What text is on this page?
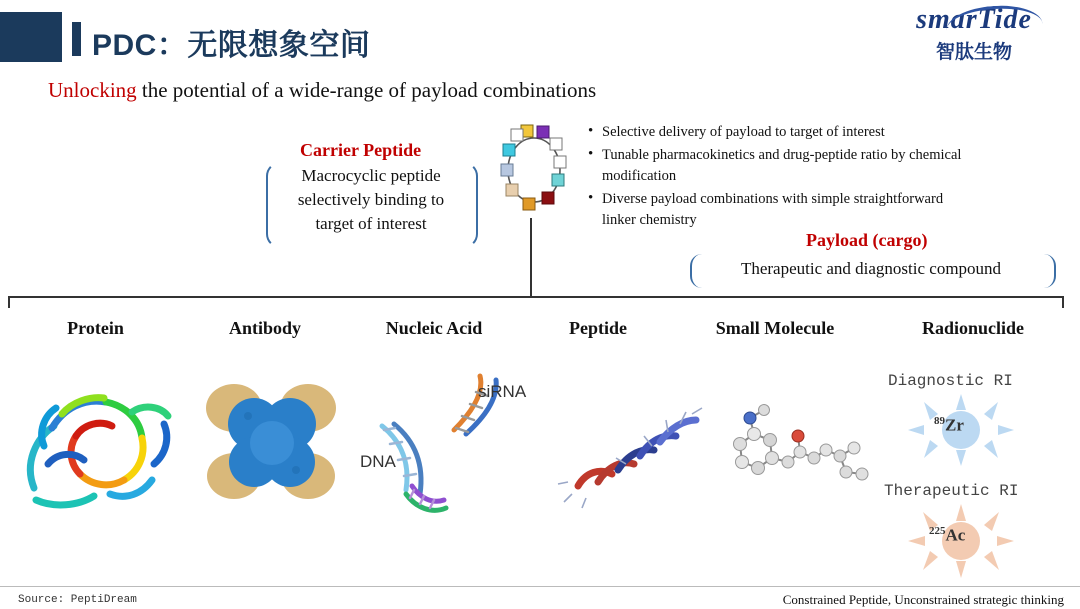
PDC：无限想象空间
smarTide
智肽生物
Unlocking the potential of a wide-range of payload combinations
Carrier Peptide
Macrocyclic peptide selectively binding to target of interest
• Selective delivery of payload to target of interest
• Tunable pharmacokinetics and drug-peptide ratio by chemical modification
• Diverse payload combinations with simple straightforward linker chemistry
Payload (cargo)
Therapeutic and diagnostic compound
Protein	Antibody	Nucleic Acid	Peptide	Small Molecule	Radionuclide
siRNA
DNA
Diagnostic RI
$^{89}$Zr
Therapeutic RI
$^{225}$Ac
Source: PeptiDream	Constrained Peptide, Unconstrained strategic thinking
